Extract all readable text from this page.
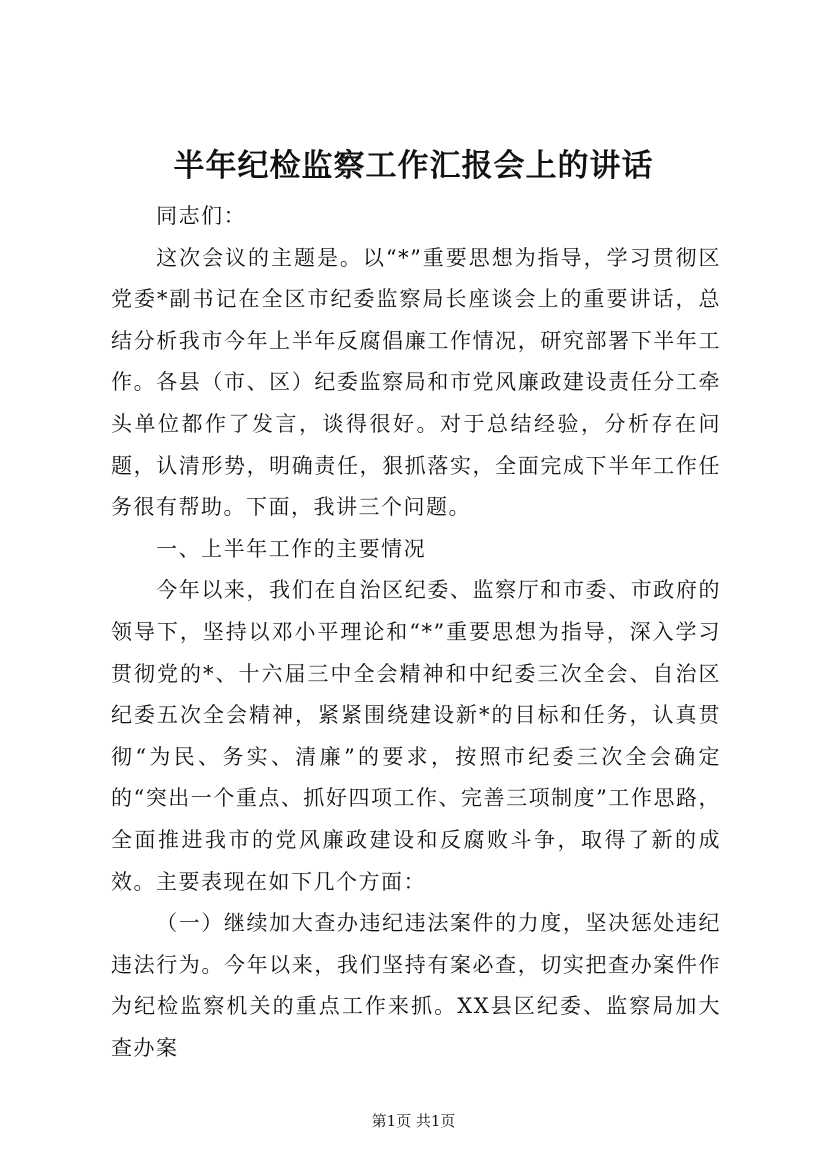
半年纪检监察工作汇报会上的讲话

同志们：

这次会议的主题是。以“*”重要思想为指导，学习贯彻区党委*副书记在全区市纪委监察局长座谈会上的重要讲话，总结分析我市今年上半年反腐倡廉工作情况，研究部署下半年工作。各县（市、区）纪委监察局和市党风廉政建设责任分工牵头单位都作了发言，谈得很好。对于总结经验，分析存在问题，认清形势，明确责任，狠抓落实，全面完成下半年工作任务很有帮助。下面，我讲三个问题。

一、上半年工作的主要情况

今年以来，我们在自治区纪委、监察厅和市委、市政府的领导下，坚持以邓小平理论和“*”重要思想为指导，深入学习贯彻党的*、十六届三中全会精神和中纪委三次全会、自治区纪委五次全会精神，紧紧围绕建设新*的目标和任务，认真贯彻“为民、务实、清廉”的要求，按照市纪委三次全会确定的“突出一个重点、抓好四项工作、完善三项制度”工作思路，全面推进我市的党风廉政建设和反腐败斗争，取得了新的成效。主要表现在如下几个方面：

（一）继续加大查办违纪违法案件的力度，坚决惩处违纪违法行为。今年以来，我们坚持有案必查，切实把查办案件作为纪检监察机关的重点工作来抓。XX县区纪委、监察局加大查办案

第1页 共1页
